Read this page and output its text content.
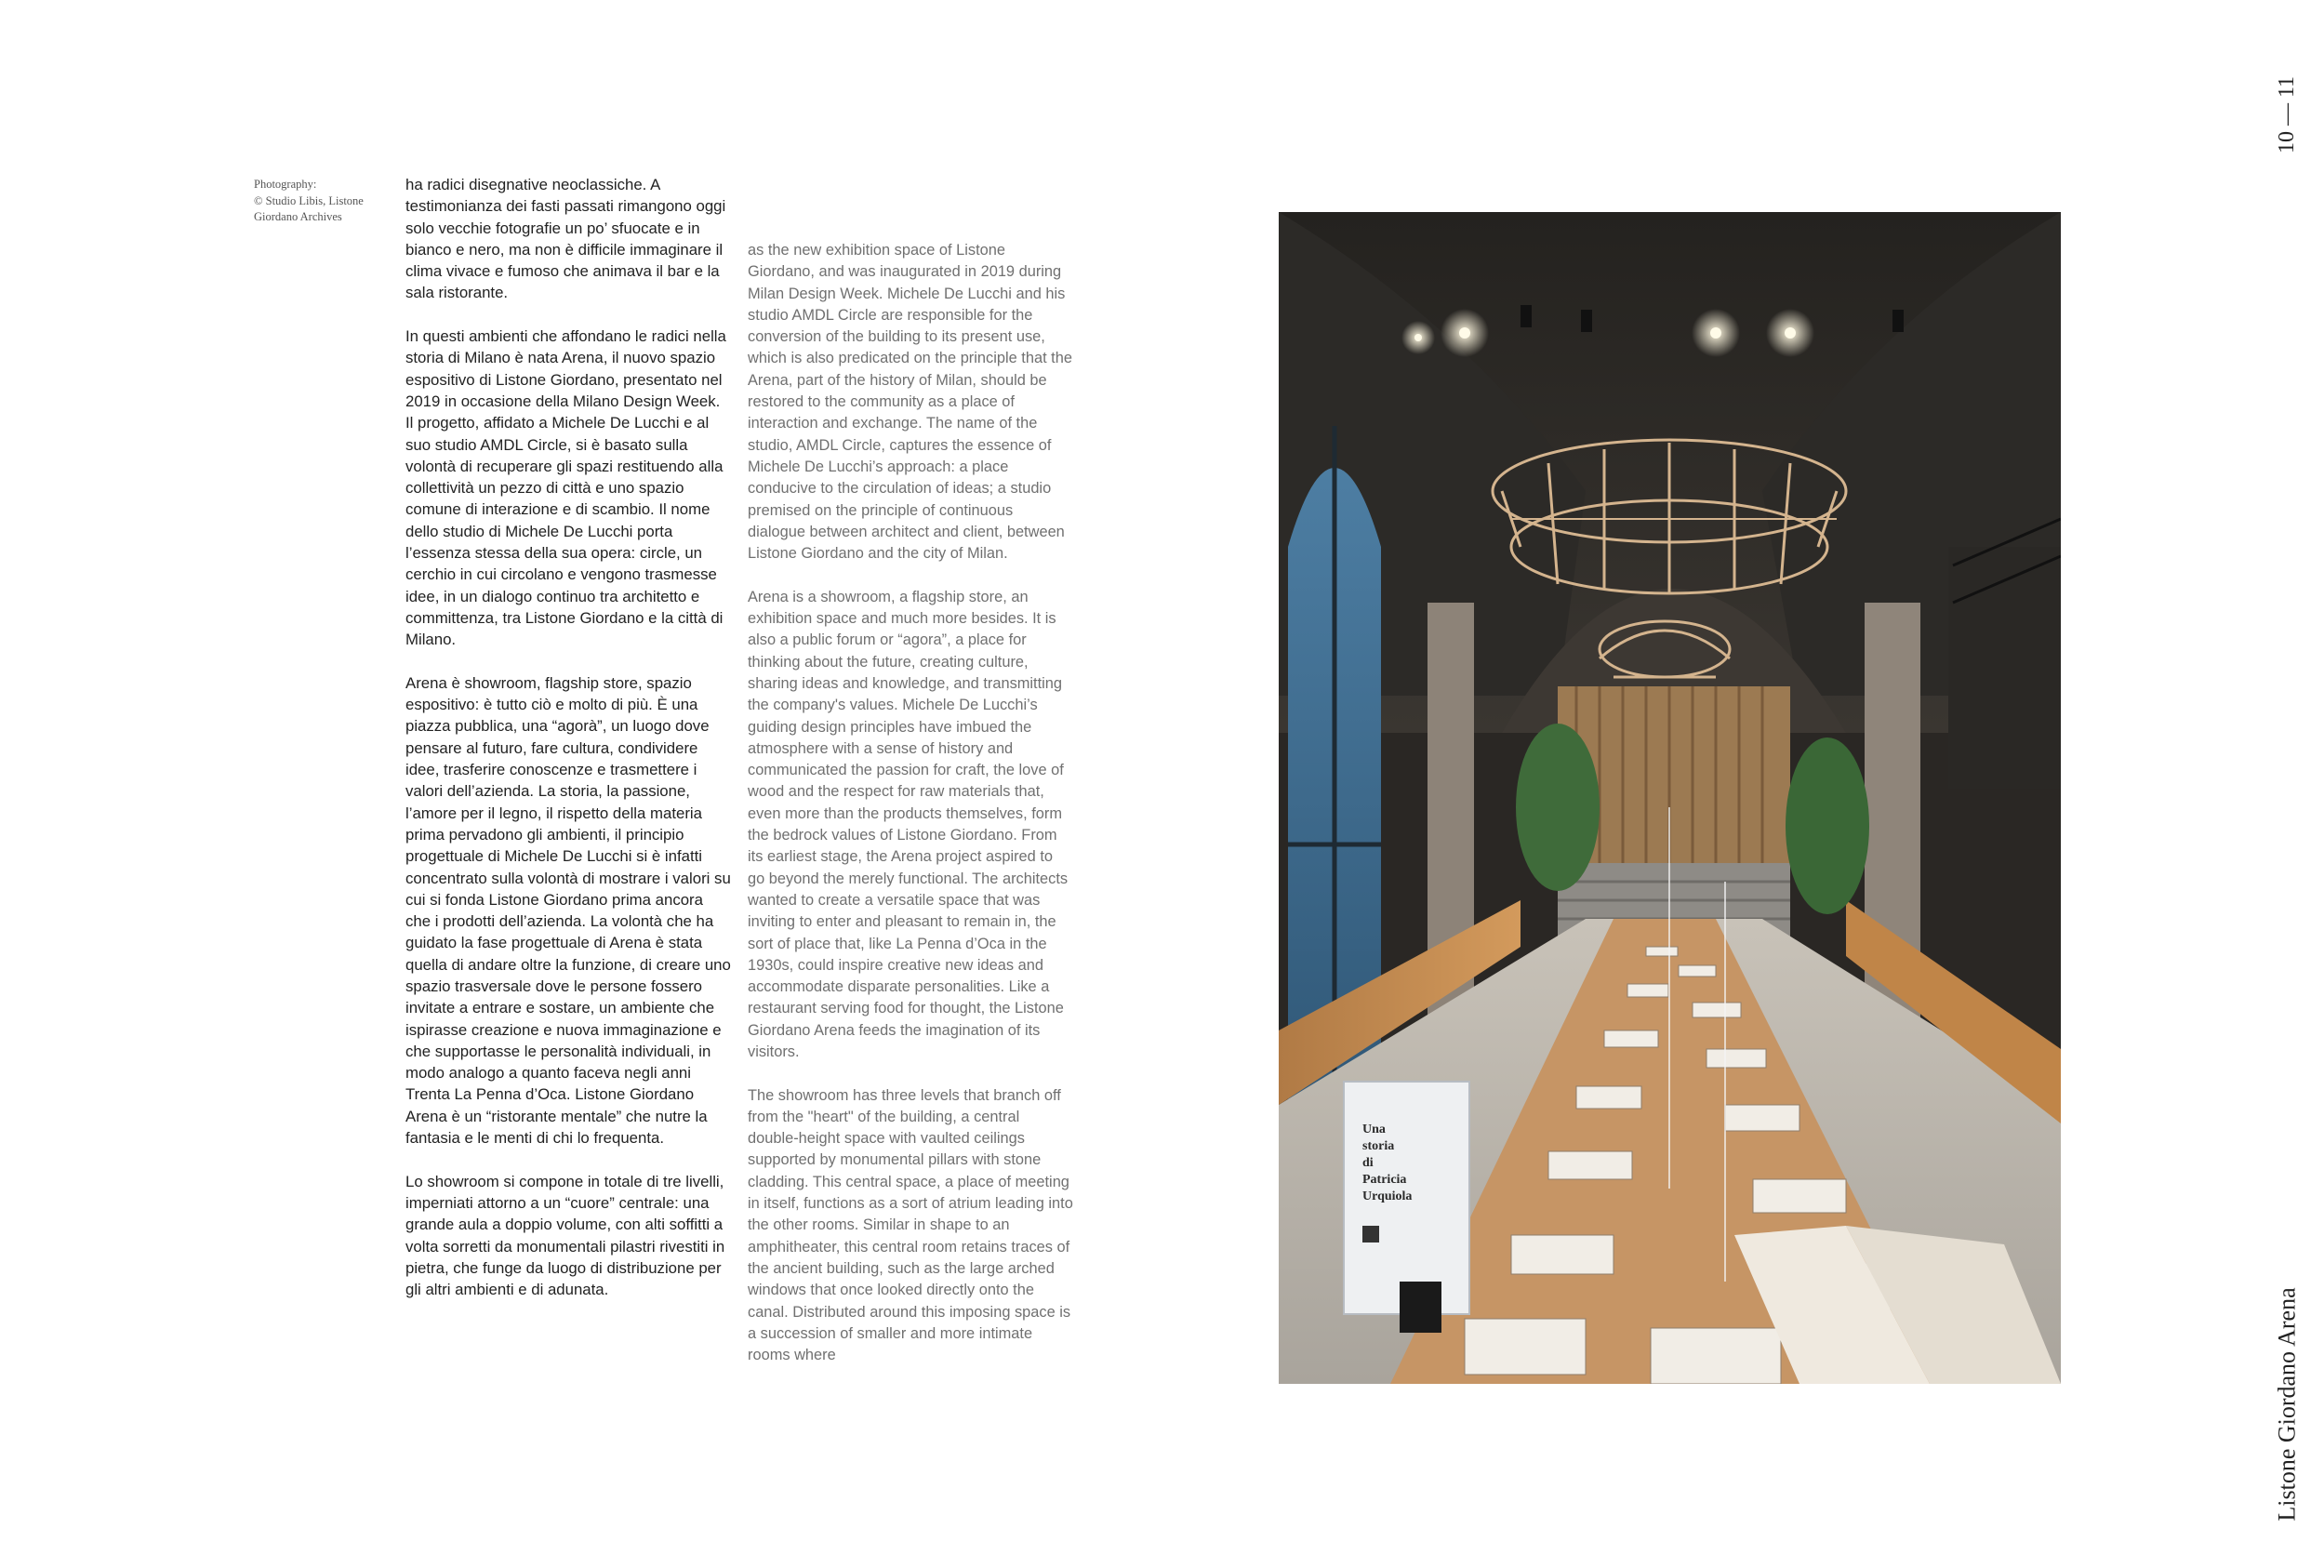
Photography:
© Studio Libis, Listone
Giordano Archives

ha radici disegnative neoclassiche. A testimonianza dei fasti passati rimangono oggi solo vecchie fotografie un po’ sfuocate e in bianco e nero, ma non è difficile immaginare il clima vivace e fumoso che animava il bar e la sala ristorante.

In questi ambienti che affondano le radici nella storia di Milano è nata Arena, il nuovo spazio espositivo di Listone Giordano, presentato nel 2019 in occasione della Milano Design Week. Il progetto, affidato a Michele De Lucchi e al suo studio AMDL Circle, si è basato sulla volontà di recuperare gli spazi restituendo alla collettività un pezzo di città e uno spazio comune di interazione e di scambio. Il nome dello studio di Michele De Lucchi porta l’essenza stessa della sua opera: circle, un cerchio in cui circolano e vengono trasmesse idee, in un dialogo continuo tra architetto e committenza, tra Listone Giordano e la città di Milano.

Arena è showroom, flagship store, spazio espositivo: è tutto ciò e molto di più. È una piazza pubblica, una “agorà”, un luogo dove pensare al futuro, fare cultura, condividere idee, trasferire conoscenze e trasmettere i valori dell’azienda. La storia, la passione, l’amore per il legno, il rispetto della materia prima pervadono gli ambienti, il principio progettuale di Michele De Lucchi si è infatti concentrato sulla volontà di mostrare i valori su cui si fonda Listone Giordano prima ancora che i prodotti dell’azienda. La volontà che ha guidato la fase progettuale di Arena è stata quella di andare oltre la funzione, di creare uno spazio trasversale dove le persone fossero invitate a entrare e sostare, un ambiente che ispirasse creazione e nuova immaginazione e che supportasse le personalità individuali, in modo analogo a quanto faceva negli anni Trenta La Penna d’Oca. Listone Giordano Arena è un “ristorante mentale” che nutre la fantasia e le menti di chi lo frequenta.

Lo showroom si compone in totale di tre livelli, imperniati attorno a un “cuore” centrale: una grande aula a doppio volume, con alti soffitti a volta sorretti da monumentali pilastri rivestiti in pietra, che funge da luogo di distribuzione per gli altri ambienti e di adunata.

as the new exhibition space of Listone Giordano, and was inaugurated in 2019 during Milan Design Week. Michele De Lucchi and his studio AMDL Circle are responsible for the conversion of the building to its present use, which is also predicated on the principle that the Arena, part of the history of Milan, should be restored to the community as a place of interaction and exchange. The name of the studio, AMDL Circle, captures the essence of Michele De Lucchi’s approach: a place conducive to the circulation of ideas; a studio premised on the principle of continuous dialogue between architect and client, between Listone Giordano and the city of Milan.

Arena is a showroom, a flagship store, an exhibition space and much more besides. It is also a public forum or “agora”, a place for thinking about the future, creating culture, sharing ideas and knowledge, and transmitting the company's values. Michele De Lucchi’s guiding design principles have imbued the atmosphere with a sense of history and communicated the passion for craft, the love of wood and the respect for raw materials that, even more than the products themselves, form the bedrock values of Listone Giordano. From its earliest stage, the Arena project aspired to go beyond the merely functional. The architects wanted to create a versatile space that was inviting to enter and pleasant to remain in, the sort of place that, like La Penna d’Oca in the 1930s, could inspire creative new ideas and accommodate disparate personalities. Like a restaurant serving food for thought, the Listone Giordano Arena feeds the imagination of its visitors.

The showroom has three levels that branch off from the "heart" of the building, a central double-height space with vaulted ceilings supported by monumental pillars with stone cladding. This central space, a place of meeting in itself, functions as a sort of atrium leading into the other rooms. Similar in shape to an amphitheater, this central room retains traces of the ancient building, such as the large arched windows that once looked directly onto the canal. Distributed around this imposing space is a succession of smaller and more intimate rooms where

10 — 11
Listone Giordano Arena
Una
storia
di
Patricia
Urquiola
